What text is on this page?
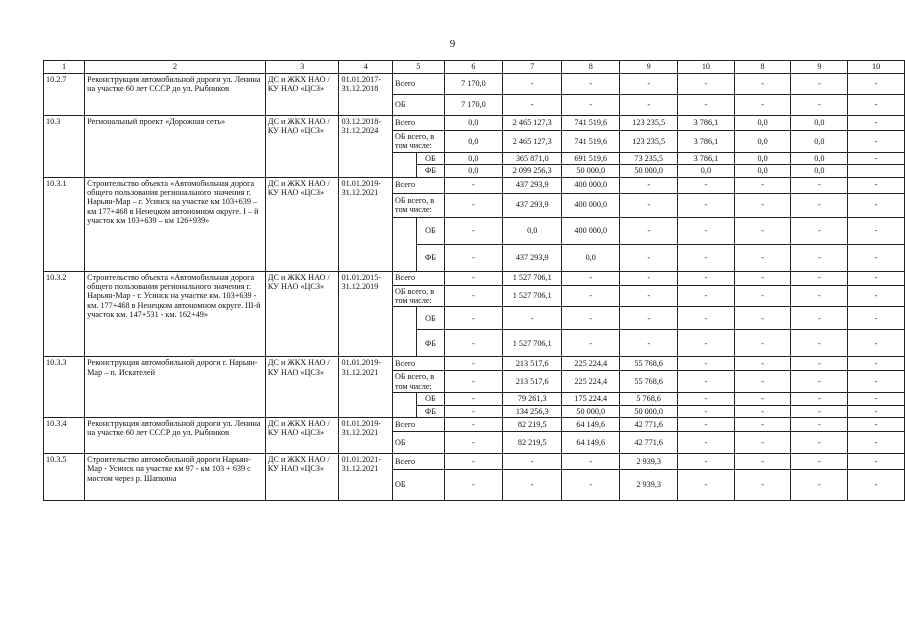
9
1	2	3	4	5		6	7	8	9	10	8	9	10
10.2.7	Реконструкция автомобильной дороги ул. Ленина на участке 60 лет СССР до ул. Рыбников	ДС и ЖКХ НАО / КУ НАО «ЦСЗ»	01.01.2017-31.12.2018	Всего		7 170,0	-	-	-	-	-	-	-
				ОБ		7 170,0	-	-	-	-	-	-	-
10.3	Региональный проект «Дорожная сеть»	ДС и ЖКХ НАО / КУ НАО «ЦСЗ»	03.12.2018-31.12.2024	Всего		0,0	2 465 127,3	741 519,6	123 235,5	3 786,1	0,0	0,0	-
				ОБ всего, в том числе:		0,0	2 465 127,3	741 519,6	123 235,5	3 786,1	0,0	0,0	-
					ОБ	0,0	365 871,0	691 519,6	73 235,5	3 786,1	0,0	0,0	-
					ФБ	0,0	2 099 256,3	50 000,0	50 000,0	0,0	0,0	0,0	
10.3.1	Строительство объекта «Автомобильная дорога общего пользования регионального значения г. Нарьян-Мар – г. Усинск на участке км 103+639 – км 177+468 в Ненецком автономном округе. I – й участок км 103+639 – км 126+939»	ДС и ЖКХ НАО / КУ НАО «ЦСЗ»	01.01.2019-31.12.2021	Всего		-	437 293,9	400 000,0	-	-	-	-	-
				ОБ всего, в том числе:		-	437 293,9	400 000,0	-	-	-	-	-
					ОБ	-	0,0	400 000,0	-	-	-	-	-
					ФБ	-	437 293,9	0,0	-	-	-	-	-
10.3.2	Строительство объекта «Автомобильная дорога общего пользования регионального значения г. Нарьян-Мар - г. Усинск на участке км. 103+639 - км. 177+468 в Ненецком автономном округе. III-й участок км. 147+531 - км. 162+49»	ДС и ЖКХ НАО / КУ НАО «ЦСЗ»	01.01.2015-31.12.2019	Всего		-	1 527 706,1	-	-	-	-	-	-
				ОБ всего, в том числе:		-	1 527 706,1	-	-	-	-	-	-
					ОБ	-	-	-	-	-	-	-	-
					ФБ	-	1 527 706,1	-	-	-	-	-	-
10.3.3	Реконструкция автомобильной дороги г. Нарьян-Мар – п. Искателей	ДС и ЖКХ НАО / КУ НАО «ЦСЗ»	01.01.2019-31.12.2021	Всего		-	213 517,6	225 224,4	55 768,6	-	-	-	-
				ОБ всего, в том числе:		-	213 517,6	225 224,4	55 768,6	-	-	-	-
					ОБ	-	79 261,3	175 224,4	5 768,6	-	-	-	-
					ФБ	-	134 256,3	50 000,0	50 000,0	-	-	-	-
10.3.4	Реконструкция автомобильной дороги ул. Ленина на участке 60 лет СССР до ул. Рыбников	ДС и ЖКХ НАО / КУ НАО «ЦСЗ»	01.01.2019-31.12.2021	Всего		-	82 219,5	64 149,6	42 771,6	-	-	-	-
				ОБ		-	82 219,5	64 149,6	42 771,6	-	-	-	-
10.3.5	Строительство автомобильной дороги Нарьян-Мар - Усинск на участке км 97 - км 103 + 639 с мостом через р. Шапкина	ДС и ЖКХ НАО / КУ НАО «ЦСЗ»	01.01.2021-31.12.2021	Всего		-	-	-	2 939,3	-	-	-	-
				ОБ		-	-	-	2 939,3	-	-	-	-
